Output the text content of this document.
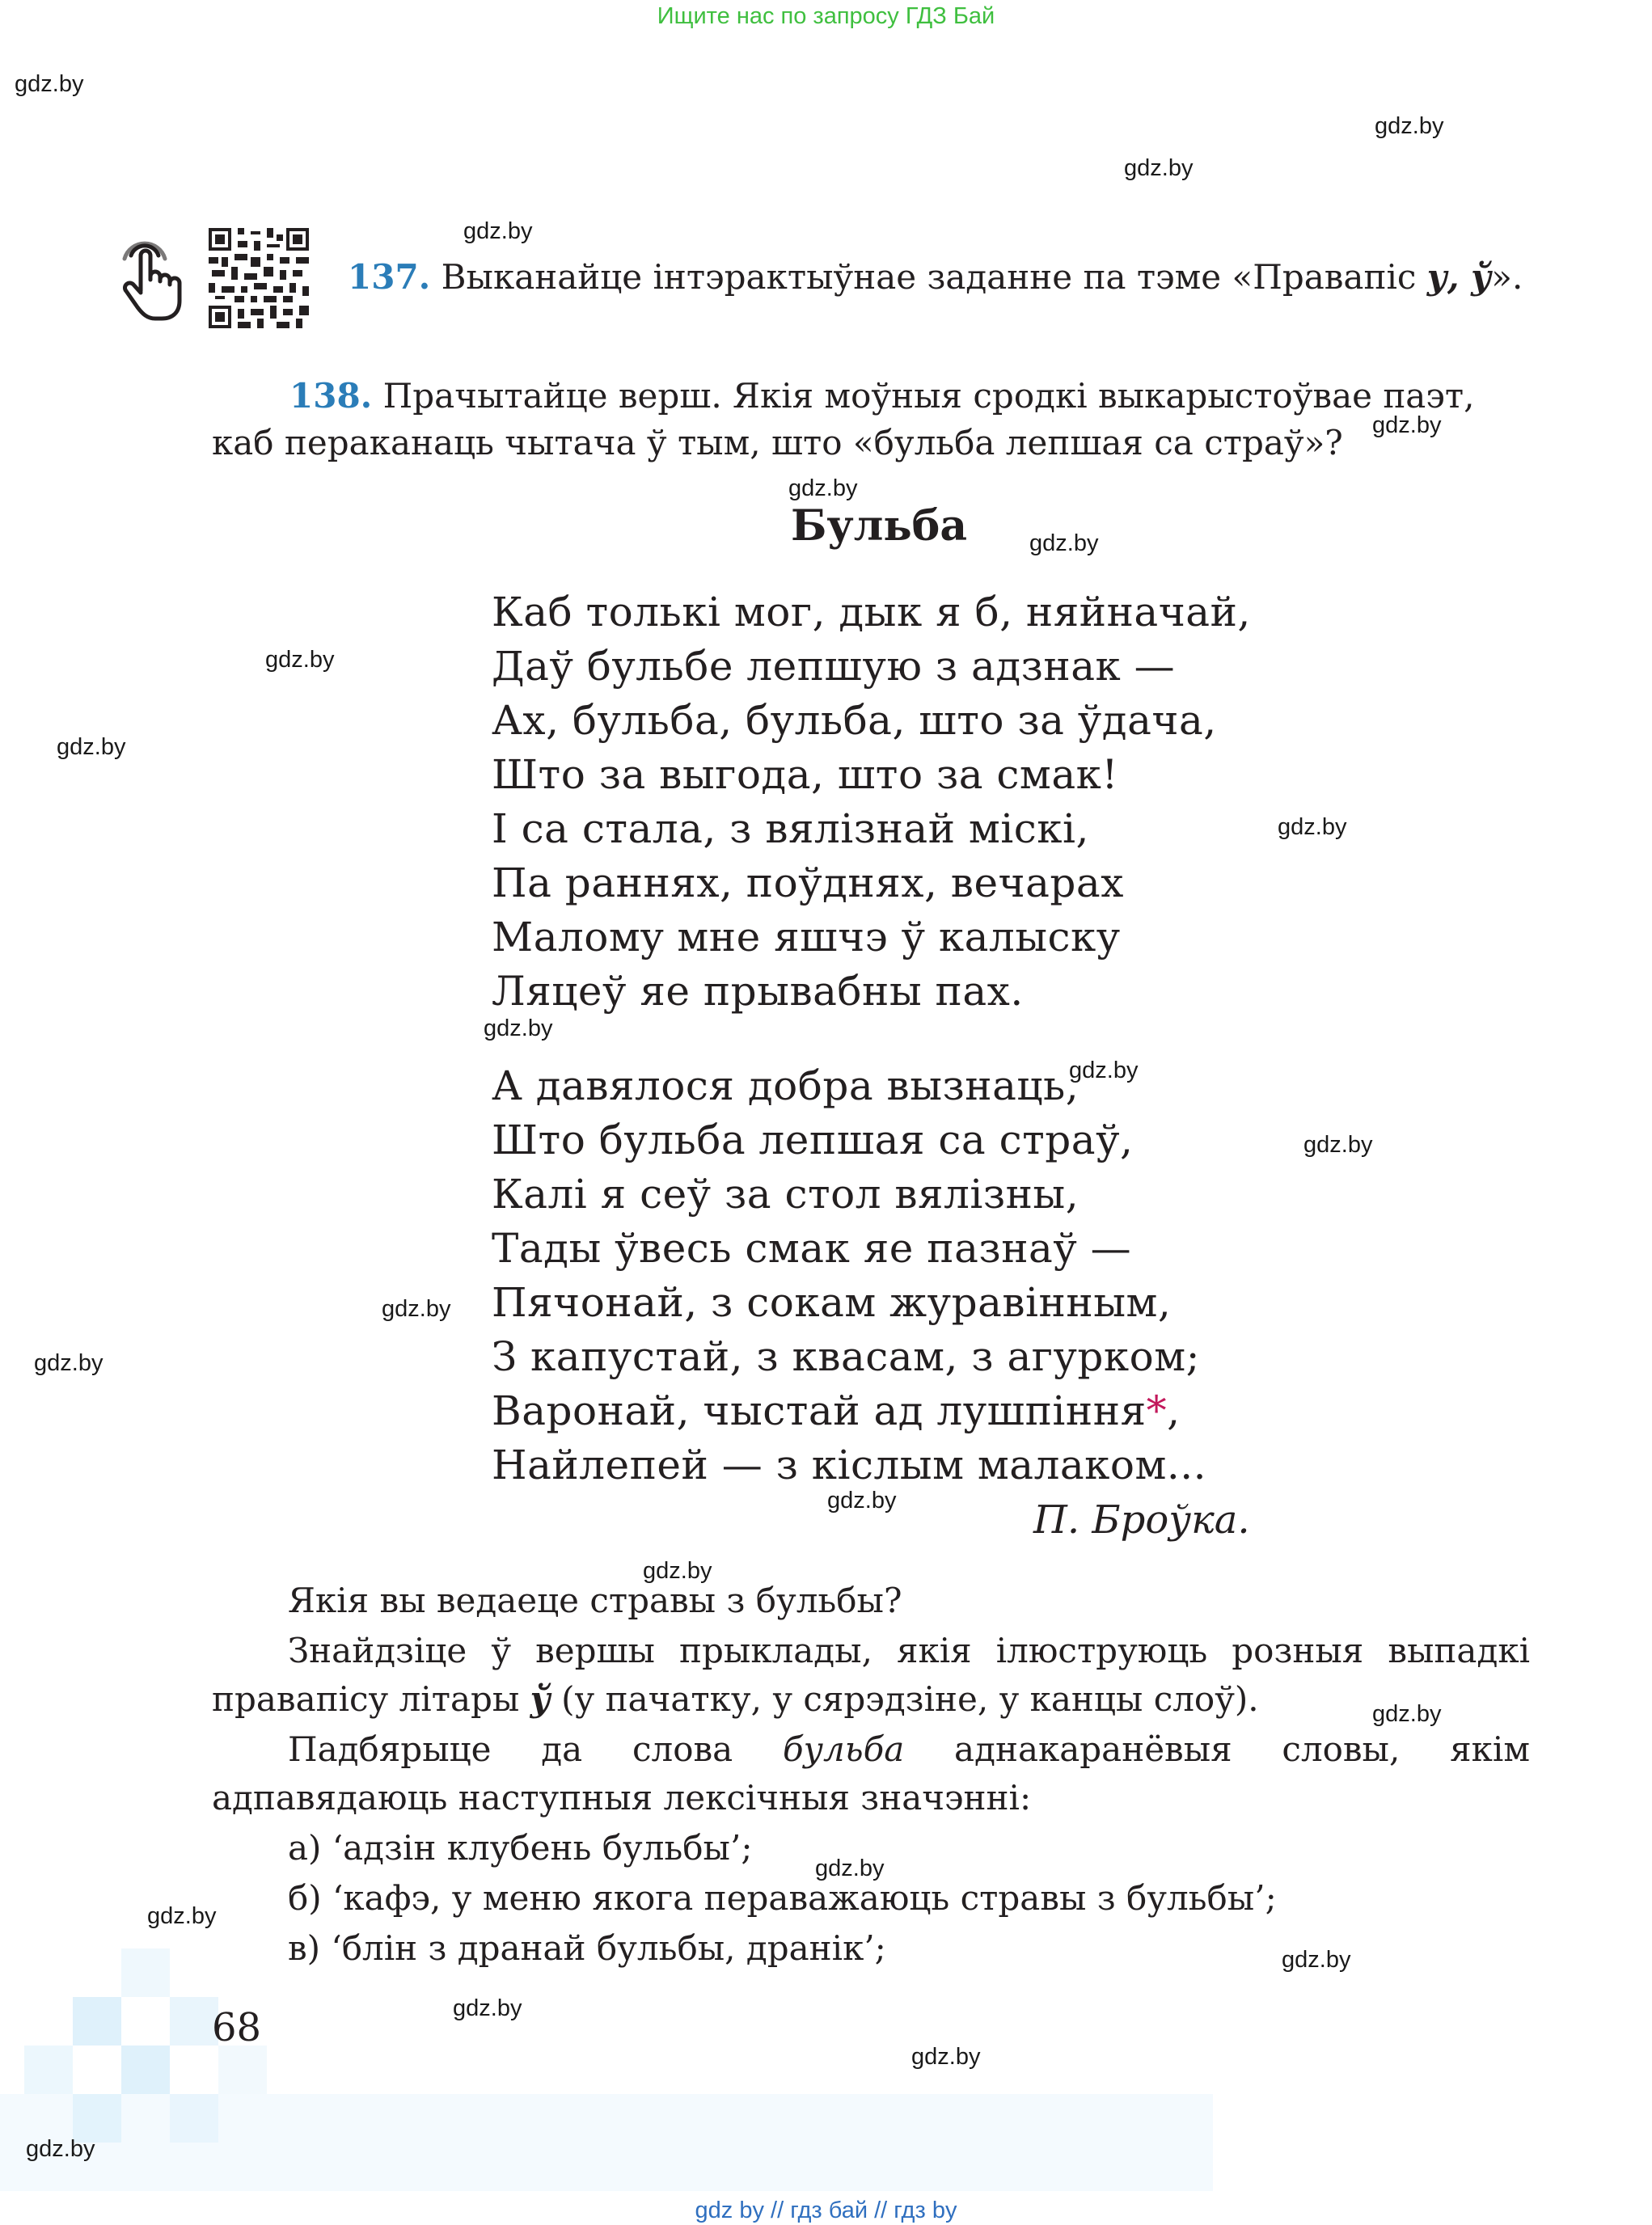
Ищите нас по запросу ГДЗ Бай
gdz by // гдз бай // гдз by
gdz.by
gdz.by
gdz.by
gdz.by
gdz.by
gdz.by
gdz.by
gdz.by
gdz.by
gdz.by
gdz.by
gdz.by
gdz.by
gdz.by
gdz.by
gdz.by
gdz.by
gdz.by
gdz.by
gdz.by
gdz.by
gdz.by
gdz.by
gdz.by
137. Выканайце інтэрактыўнае заданне па тэме «Правапіс у, ў».
138. Прачытайце верш. Якія моўныя сродкі выкарыстоўвае паэт,
каб пераканаць чытача ў тым, што «бульба лепшая са страў»?
Бульба
Каб толькі мог, дык я б, няйначай,
Даў бульбе лепшую з адзнак —
Ах, бульба, бульба, што за ўдача,
Што за выгода, што за смак!
І са стала, з вялізнай міскі,
Па раннях, поўднях, вечарах
Маломy мне яшчэ ў калыску
Ляцеў яе прывабны пах.
А давялося добра вызнаць,
Што бульба лепшая са страў,
Калі я сеў за стол вялізны,
Тады ўвесь смак яе пазнаў —
Пячонай, з сокам журавінным,
З капустай, з квасам, з агурком;
Варонай, чыстай ад лушпіння*,
Найлепей — з кіслым малаком...
П. Броўка.
Якія вы ведаеце стравы з бульбы?
Знайдзіце ў вершы прыклады, якія ілюструюць розныя выпадкі правапісу літары ў (у пачатку, у сярэдзіне, у канцы слоў).
Падбярыце да слова бульба аднакаранёвыя словы, якім адпавядаюць наступныя лексічныя значэнні:
а) ‘адзін клубень бульбы’;
б) ‘кафэ, у меню якога пераважаюць стравы з бульбы’;
в) ‘блін з дранай бульбы, дранік’;
68
